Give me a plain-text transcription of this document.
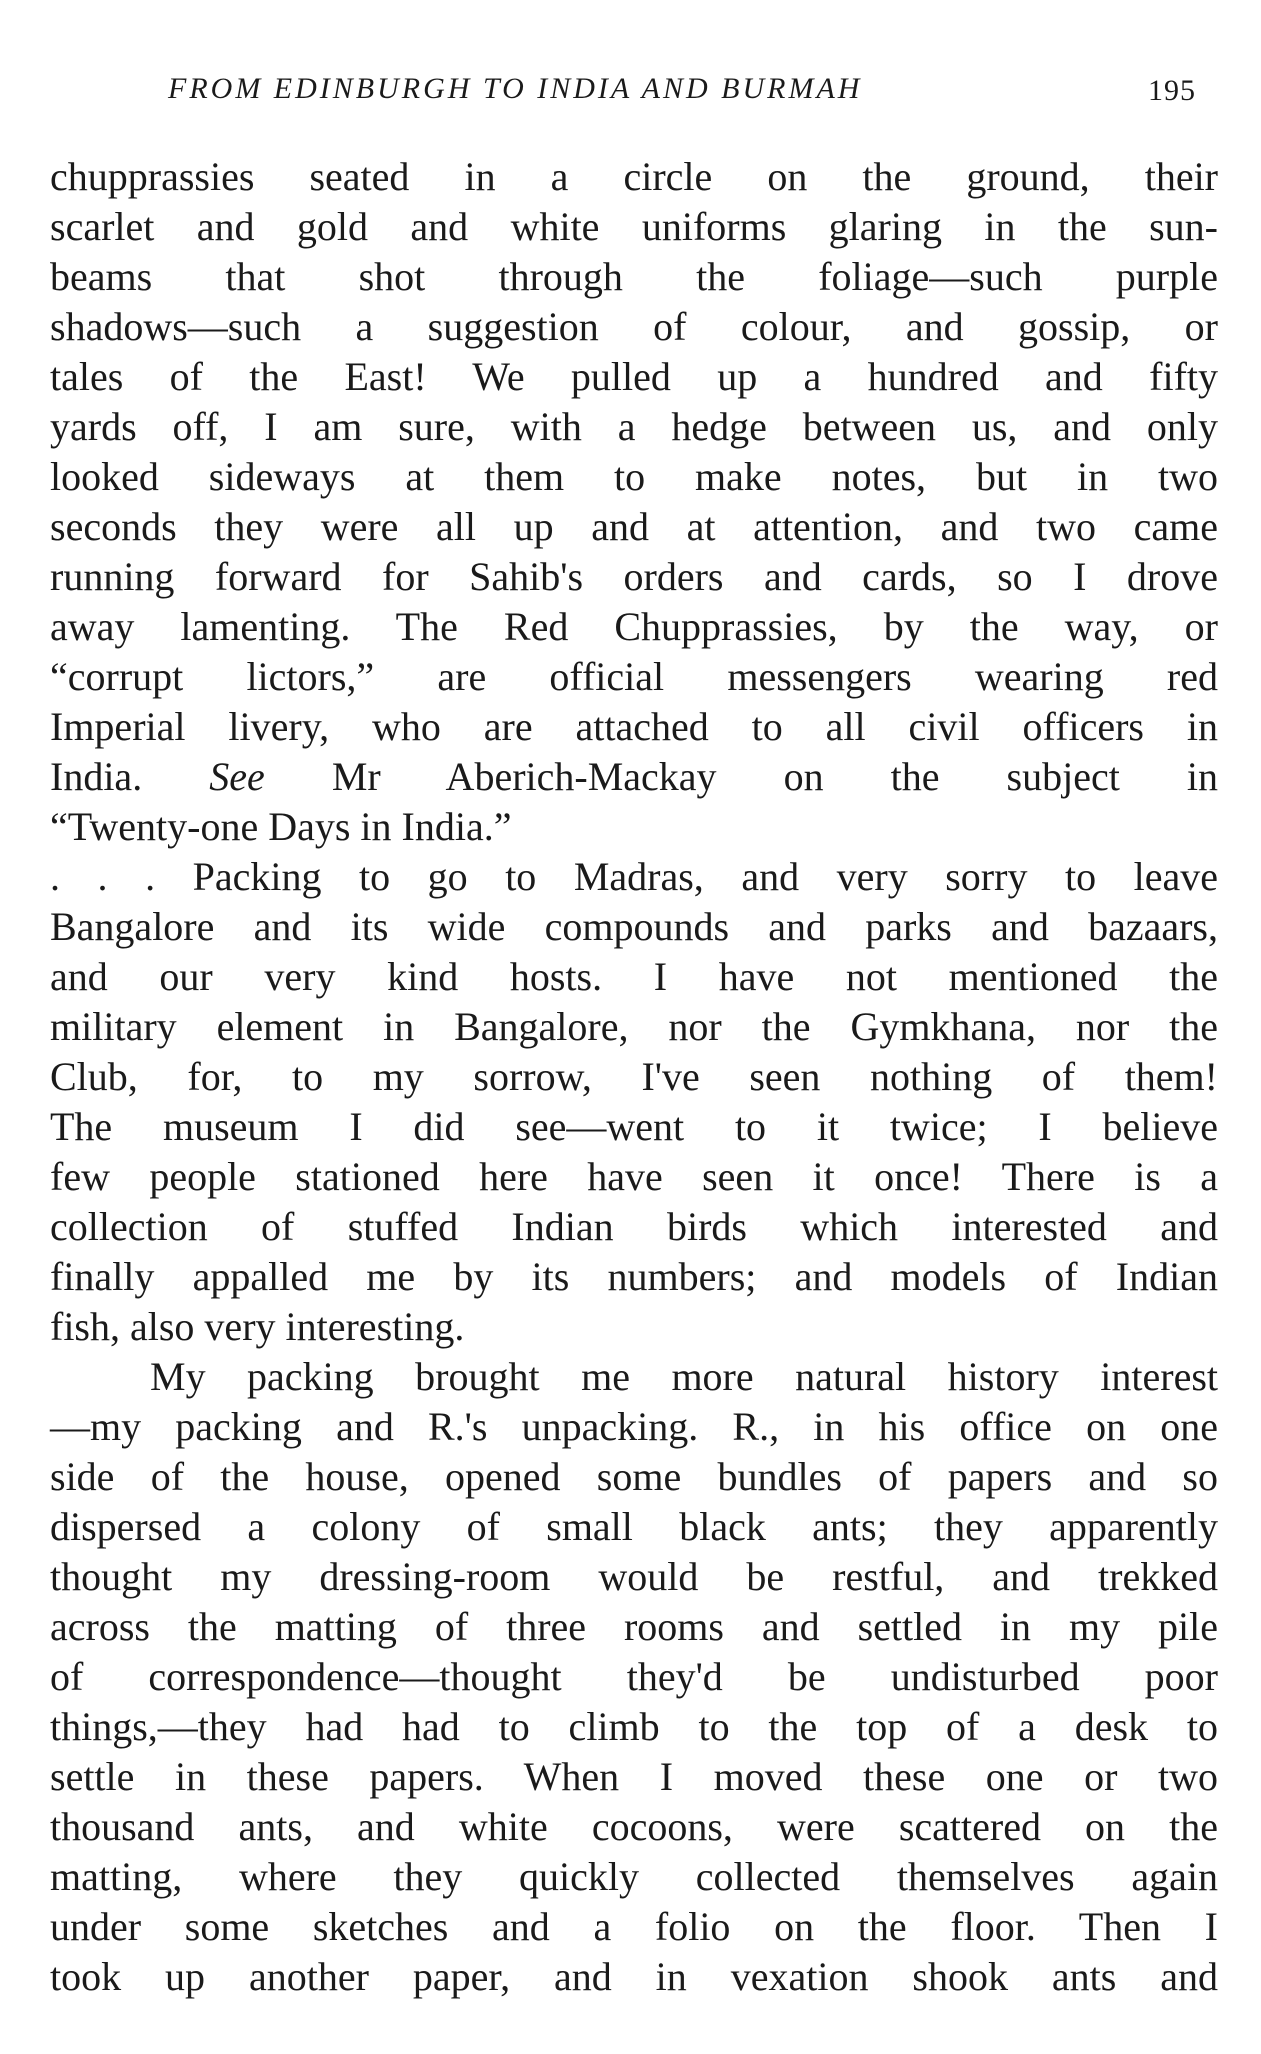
FROM EDINBURGH TO INDIA AND BURMAH	195
chupprassies seated in a circle on the ground, their
scarlet and gold and white uniforms glaring in the sun-
beams that shot through the foliage—such purple
shadows—such a suggestion of colour, and gossip, or
tales of the East! We pulled up a hundred and fifty
yards off, I am sure, with a hedge between us, and only
looked sideways at them to make notes, but in two
seconds they were all up and at attention, and two came
running forward for Sahib's orders and cards, so I drove
away lamenting. The Red Chupprassies, by the way, or
“corrupt lictors,” are official messengers wearing red
Imperial livery, who are attached to all civil officers in
India. See Mr Aberich-Mackay on the subject in
“Twenty-one Days in India.”
. . . Packing to go to Madras, and very sorry to leave
Bangalore and its wide compounds and parks and bazaars,
and our very kind hosts. I have not mentioned the
military element in Bangalore, nor the Gymkhana, nor the
Club, for, to my sorrow, I've seen nothing of them!
The museum I did see—went to it twice; I believe
few people stationed here have seen it once! There is a
collection of stuffed Indian birds which interested and
finally appalled me by its numbers; and models of Indian
fish, also very interesting.
My packing brought me more natural history interest
—my packing and R.'s unpacking. R., in his office on one
side of the house, opened some bundles of papers and so
dispersed a colony of small black ants; they apparently
thought my dressing-room would be restful, and trekked
across the matting of three rooms and settled in my pile
of correspondence—thought they'd be undisturbed poor
things,—they had had to climb to the top of a desk to
settle in these papers. When I moved these one or two
thousand ants, and white cocoons, were scattered on the
matting, where they quickly collected themselves again
under some sketches and a folio on the floor. Then I
took up another paper, and in vexation shook ants and
